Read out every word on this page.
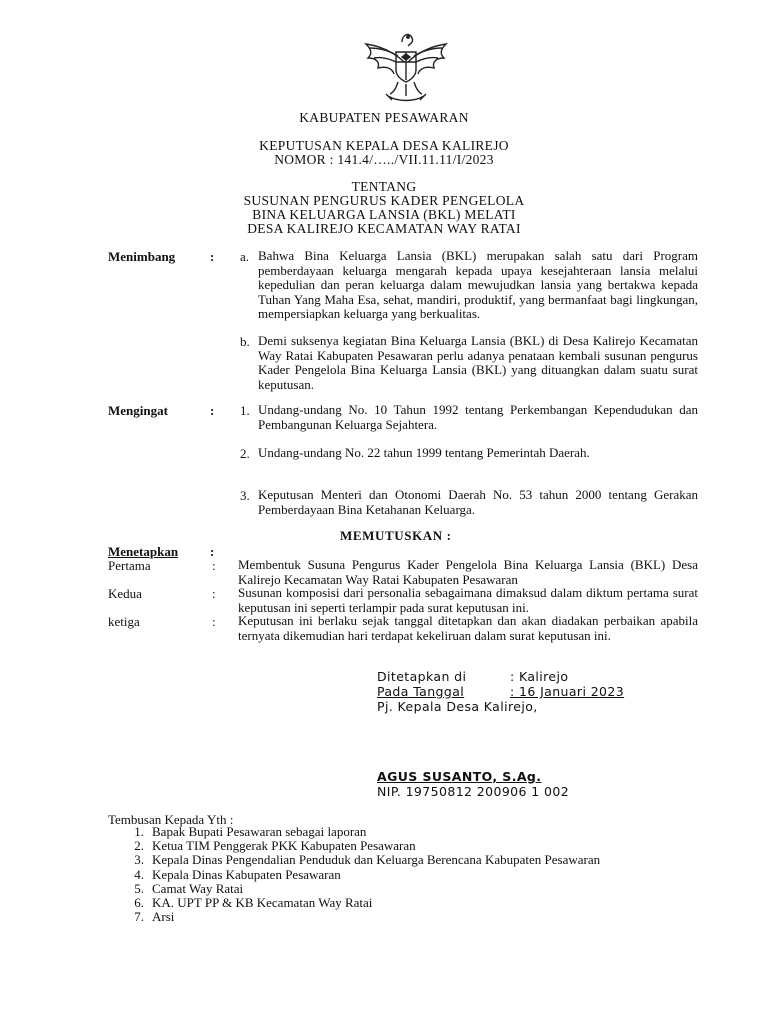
KABUPATEN PESAWARAN
KEPUTUSAN KEPALA DESA KALIREJO
NOMOR : 141.4/…../VII.11.11/I/2023
TENTANG
SUSUNAN PENGURUS KADER PENGELOLA
BINA KELUARGA LANSIA (BKL) MELATI
DESA KALIREJO KECAMATAN WAY RATAI
Menimbang	: a. Bahwa Bina Keluarga Lansia (BKL) merupakan salah satu dari Program pemberdayaan keluarga mengarah kepada upaya kesejahteraan lansia melalui kepedulian dan peran keluarga dalam mewujudkan lansia yang bertakwa kepada Tuhan Yang Maha Esa, sehat, mandiri, produktif, yang bermanfaat bagi lingkungan, mempersiapkan keluarga yang berkualitas.
b. Demi suksenya kegiatan Bina Keluarga Lansia (BKL) di Desa Kalirejo Kecamatan Way Ratai Kabupaten Pesawaran perlu adanya penataan kembali susunan pengurus Kader Pengelola Bina Keluarga Lansia (BKL) yang dituangkan dalam suatu surat keputusan.
Mengingat	: 1. Undang-undang No. 10 Tahun 1992 tentang Perkembangan Kependudukan dan Pembangunan Keluarga Sejahtera.
2. Undang-undang No. 22 tahun 1999 tentang Pemerintah Daerah.
3. Keputusan Menteri dan Otonomi Daerah No. 53 tahun 2000 tentang Gerakan Pemberdayaan Bina Ketahanan Keluarga.
MEMUTUSKAN :
Menetapkan :
Pertama	: Membentuk Susuna Pengurus Kader Pengelola Bina Keluarga Lansia (BKL) Desa Kalirejo Kecamatan Way Ratai Kabupaten Pesawaran
Kedua	: Susunan komposisi dari personalia sebagaimana dimaksud dalam diktum pertama surat keputusan ini seperti terlampir pada surat keputusan ini.
ketiga	: Keputusan ini berlaku sejak tanggal ditetapkan dan akan diadakan perbaikan apabila ternyata dikemudian hari terdapat kekeliruan dalam surat keputusan ini.
Ditetapkan di	: Kalirejo
Pada Tanggal	: 16 Januari 2023
Pj. Kepala Desa Kalirejo,
AGUS SUSANTO, S.Ag.
NIP. 19750812 200906 1 002
Tembusan Kepada Yth :
1. Bapak Bupati Pesawaran sebagai laporan
2. Ketua TIM Penggerak PKK Kabupaten Pesawaran
3. Kepala Dinas Pengendalian Penduduk dan Keluarga Berencana Kabupaten Pesawaran
4. Kepala Dinas Kabupaten Pesawaran
5. Camat Way Ratai
6. KA. UPT PP & KB Kecamatan Way Ratai
7. Arsi
